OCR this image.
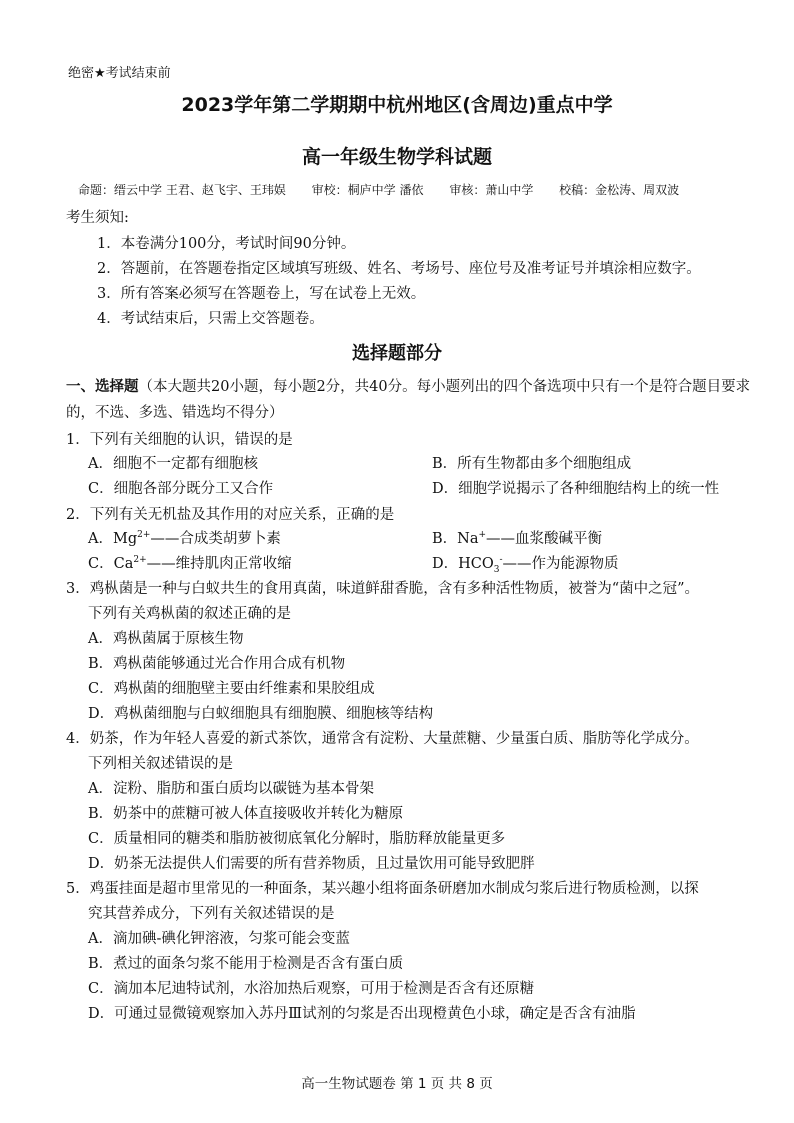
绝密★考试结束前
2023学年第二学期期中杭州地区(含周边)重点中学
高一年级生物学科试题
命题：缙云中学 王君、赵飞宇、王玮娱 审校：桐庐中学 潘依 审核：萧山中学 校稿：金松涛、周双波
考生须知:
1．本卷满分100分，考试时间90分钟。
2．答题前，在答题卷指定区域填写班级、姓名、考场号、座位号及准考证号并填涂相应数字。
3．所有答案必须写在答题卷上，写在试卷上无效。
4．考试结束后，只需上交答题卷。
选择题部分
一、选择题（本大题共20小题，每小题2分，共40分。每小题列出的四个备选项中只有一个是符合题目要求的，不选、多选、错选均不得分）
1．下列有关细胞的认识，错误的是
A．细胞不一定都有细胞核	B．所有生物都由多个细胞组成
C．细胞各部分既分工又合作	D．细胞学说揭示了各种细胞结构上的统一性
2．下列有关无机盐及其作用的对应关系，正确的是
A．$Mg^{2+}——$合成类胡萝卜素	B．Na+——血浆酸碱平衡
C．$Ca^{2+}——$维持肌肉正常收缩	D．$HCO_3^-——$作为能源物质
3．鸡枞菌是一种与白蚁共生的食用真菌，味道鲜甜香脆，含有多种活性物质，被誉为“菌中之冠”。
下列有关鸡枞菌的叙述正确的是
A．鸡枞菌属于原核生物
B．鸡枞菌能够通过光合作用合成有机物
C．鸡枞菌的细胞壁主要由纤维素和果胶组成
D．鸡枞菌细胞与白蚁细胞具有细胞膜、细胞核等结构
4．奶茶，作为年轻人喜爱的新式茶饮，通常含有淀粉、大量蔗糖、少量蛋白质、脂肪等化学成分。
下列相关叙述错误的是
A．淀粉、脂肪和蛋白质均以碳链为基本骨架
B．奶茶中的蔗糖可被人体直接吸收并转化为糖原
C．质量相同的糖类和脂肪被彻底氧化分解时，脂肪释放能量更多
D．奶茶无法提供人们需要的所有营养物质，且过量饮用可能导致肥胖
5．鸡蛋挂面是超市里常见的一种面条，某兴趣小组将面条研磨加水制成匀浆后进行物质检测，以探
究其营养成分，下列有关叙述错误的是
A．滴加碘-碘化钾溶液，匀浆可能会变蓝
B．煮过的面条匀浆不能用于检测是否含有蛋白质
C．滴加本尼迪特试剂，水浴加热后观察，可用于检测是否含有还原糖
D．可通过显微镜观察加入苏丹Ⅲ试剂的匀浆是否出现橙黄色小球，确定是否含有油脂
高一生物试题卷 第 1 页 共 8 页
